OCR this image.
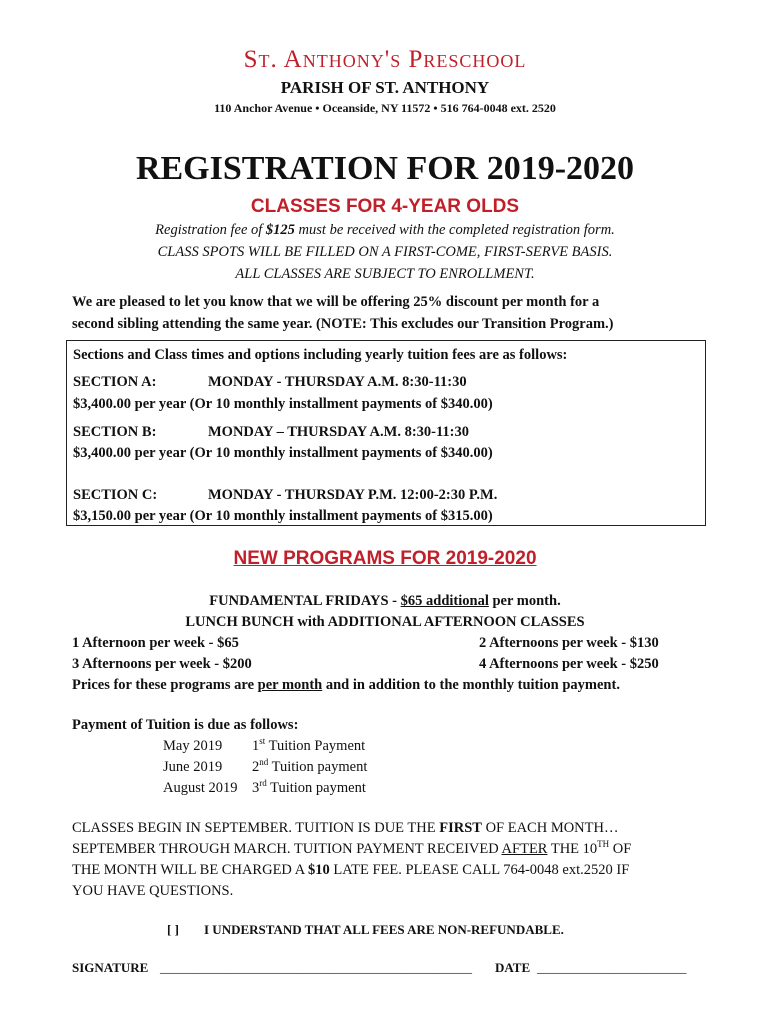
St. Anthony's Preschool
PARISH OF ST. ANTHONY
110 Anchor Avenue • Oceanside, NY 11572 • 516 764-0048 ext. 2520
REGISTRATION FOR 2019-2020
CLASSES FOR 4-YEAR OLDS
Registration fee of $125 must be received with the completed registration form.
CLASS SPOTS WILL BE FILLED ON A FIRST-COME, FIRST-SERVE BASIS.
ALL CLASSES ARE SUBJECT TO ENROLLMENT.
We are pleased to let you know that we will be offering 25% discount per month for a
second sibling attending the same year. (NOTE: This excludes our Transition Program.)
Sections and Class times and options including yearly tuition fees are as follows:
SECTION A:	MONDAY - THURSDAY A.M. 8:30-11:30
$3,400.00 per year (Or 10 monthly installment payments of $340.00)
SECTION B:	MONDAY – THURSDAY A.M. 8:30-11:30
$3,400.00 per year (Or 10 monthly installment payments of $340.00)
SECTION C:	MONDAY - THURSDAY P.M. 12:00-2:30 P.M.
$3,150.00 per year (Or 10 monthly installment payments of $315.00)
NEW PROGRAMS FOR 2019-2020
FUNDAMENTAL FRIDAYS - $65 additional per month.
LUNCH BUNCH with ADDITIONAL AFTERNOON CLASSES
1 Afternoon per week - $65	2 Afternoons per week - $130
3 Afternoons per week - $200	4 Afternoons per week - $250
Prices for these programs are per month and in addition to the monthly tuition payment.
Payment of Tuition is due as follows:
May 2019 1st Tuition Payment
June 2019 2nd Tuition payment
August 2019 3rd Tuition payment
CLASSES BEGIN IN SEPTEMBER. TUITION IS DUE THE FIRST OF EACH MONTH…
SEPTEMBER THROUGH MARCH. TUITION PAYMENT RECEIVED AFTER THE 10TH OF
THE MONTH WILL BE CHARGED A $10 LATE FEE. PLEASE CALL 764-0048 ext.2520 IF
YOU HAVE QUESTIONS.
[ ] I UNDERSTAND THAT ALL FEES ARE NON-REFUNDABLE.
SIGNATURE ________________________________________________ DATE _______________________
